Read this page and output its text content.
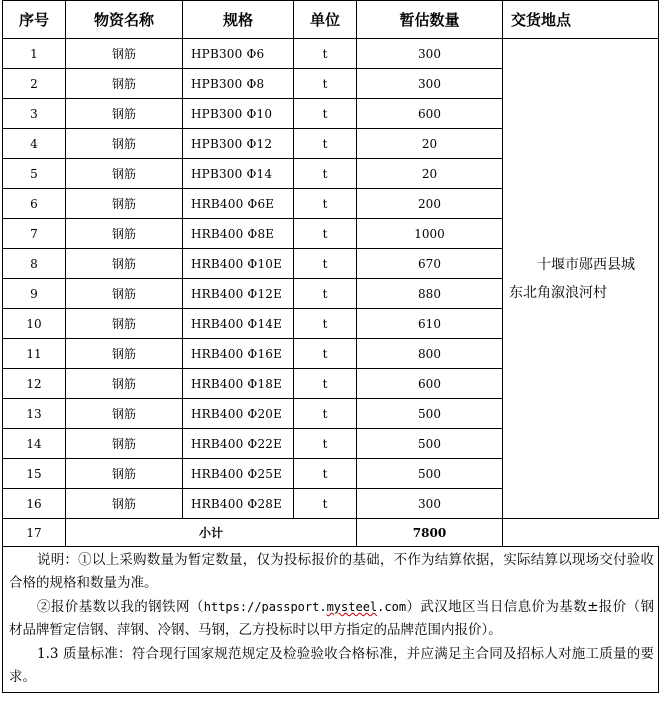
序号	物资名称	规格	单位	暂估数量	交货地点
1	钢筋	HPB300 Φ6	t	300	十堰市郧西县城
东北角溆浪河村

2	钢筋	HPB300 Φ8	t	300	
3	钢筋	HPB300 Φ10	t	600	
4	钢筋	HPB300 Φ12	t	20	
5	钢筋	HPB300 Φ14	t	20	
6	钢筋	HRB400 Φ6E	t	200	
7	钢筋	HRB400 Φ8E	t	1000	
8	钢筋	HRB400 Φ10E	t	670	
9	钢筋	HRB400 Φ12E	t	880	
10	钢筋	HRB400 Φ14E	t	610	
11	钢筋	HRB400 Φ16E	t	800	
12	钢筋	HRB400 Φ18E	t	600	
13	钢筋	HRB400 Φ20E	t	500	
14	钢筋	HRB400 Φ22E	t	500	
15	钢筋	HRB400 Φ25E	t	500	
16	钢筋	HRB400 Φ28E	t	300	
17	小计			7800	

说明：①以上采购数量为暂定数量，仅为投标报价的基础，不作为结算依据，实际结算以现场交付验收合格的规格和数量为准。

②报价基数以我的钢铁网（https://passport.mysteel.com）武汉地区当日信息价为基数±报价（钢材品牌暂定信钢、萍钢、冷钢、马钢，乙方投标时以甲方指定的品牌范围内报价）。

1.3 质量标准：符合现行国家规范规定及检验验收合格标准，并应满足主合同及招标人对施工质量的要求。					
